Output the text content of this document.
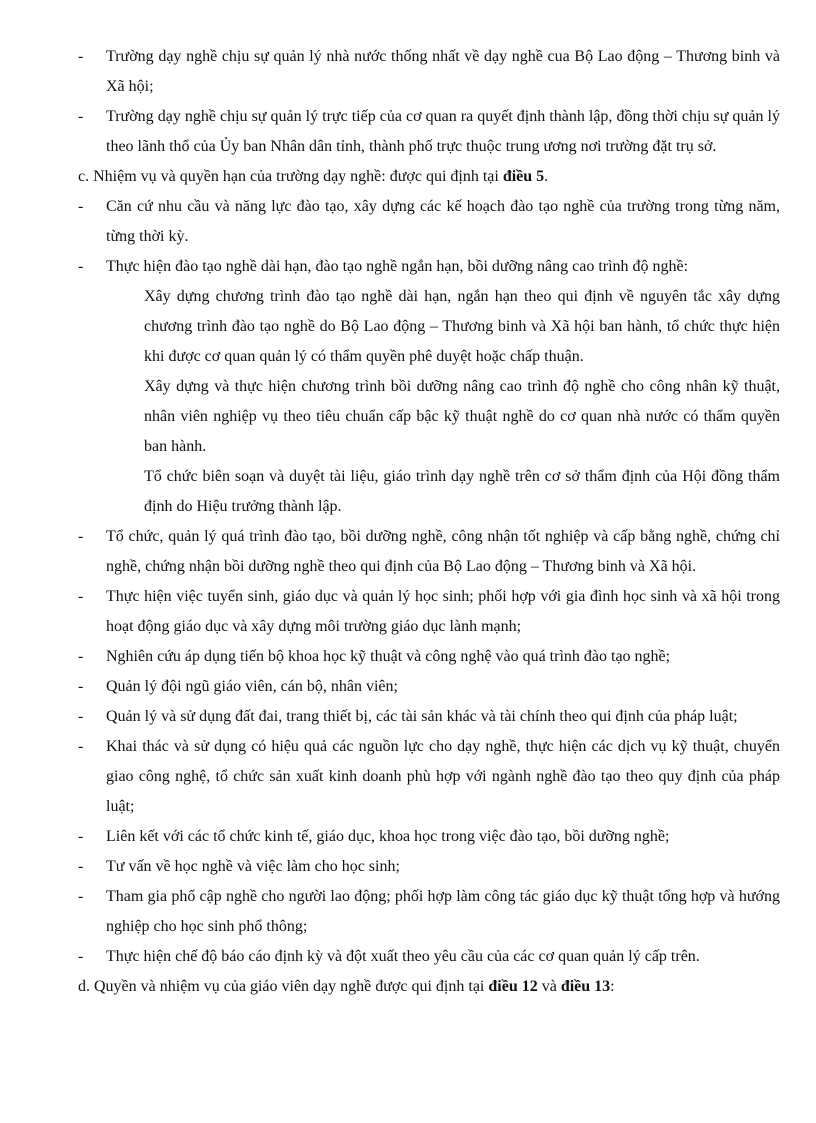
- Trường dạy nghề chịu sự quản lý nhà nước thống nhất về dạy nghề cua Bộ Lao động – Thương binh và Xã hội;
- Trường dạy nghề chịu sự quản lý trực tiếp của cơ quan ra quyết định thành lập, đồng thời chịu sự quản lý theo lãnh thổ của Ủy ban Nhân dân tỉnh, thành phố trực thuộc trung ương nơi trường đặt trụ sở.
c. Nhiệm vụ và quyền hạn của trường dạy nghề: được qui định tại điều 5.
- Căn cứ nhu cầu và năng lực đào tạo, xây dựng các kế hoạch đào tạo nghề của trường trong từng năm, từng thời kỳ.
- Thực hiện đào tạo nghề dài hạn, đào tạo nghề ngắn hạn, bồi dưỡng nâng cao trình độ nghề:
Xây dựng chương trình đào tạo nghề dài hạn, ngắn hạn theo qui định về nguyên tắc xây dựng chương trình đào tạo nghề do Bộ Lao động – Thương binh và Xã hội ban hành, tổ chức thực hiện khi được cơ quan quản lý có thẩm quyền phê duyệt hoặc chấp thuận.
Xây dựng và thực hiện chương trình bồi dưỡng nâng cao trình độ nghề cho công nhân kỹ thuật, nhân viên nghiệp vụ theo tiêu chuẩn cấp bậc kỹ thuật nghề do cơ quan nhà nước có thẩm quyền ban hành.
Tổ chức biên soạn và duyệt tài liệu, giáo trình dạy nghề trên cơ sở thẩm định của Hội đồng thẩm định do Hiệu trưởng thành lập.
- Tổ chức, quản lý quá trình đào tạo, bồi dưỡng nghề, công nhận tốt nghiệp và cấp bằng nghề, chứng chỉ nghề, chứng nhận bồi dưỡng nghề theo qui định của Bộ Lao động – Thương binh và Xã hội.
- Thực hiện việc tuyển sinh, giáo dục và quản lý học sinh; phối hợp với gia đình học sinh và xã hội trong hoạt động giáo dục và xây dựng môi trường giáo dục lành mạnh;
- Nghiên cứu áp dụng tiến bộ khoa học kỹ thuật và công nghệ vào quá trình đào tạo nghề;
- Quản lý đội ngũ giáo viên, cán bộ, nhân viên;
- Quản lý và sử dụng đất đai, trang thiết bị, các tài sản khác và tài chính theo qui định của pháp luật;
- Khai thác và sử dụng có hiệu quả các nguồn lực cho dạy nghề, thực hiện các dịch vụ kỹ thuật, chuyển giao công nghệ, tổ chức sản xuất kinh doanh phù hợp với ngành nghề đào tạo theo quy định của pháp luật;
- Liên kết với các tổ chức kinh tế, giáo dục, khoa học trong việc đào tạo, bồi dưỡng nghề;
- Tư vấn về học nghề và việc làm cho học sinh;
- Tham gia phổ cập nghề cho người lao động; phối hợp làm công tác giáo dục kỹ thuật tổng hợp và hướng nghiệp cho học sinh phổ thông;
- Thực hiện chế độ báo cáo định kỳ và đột xuất theo yêu cầu của các cơ quan quản lý cấp trên.
d. Quyền và nhiệm vụ của giáo viên dạy nghề được qui định tại điều 12 và điều 13:
